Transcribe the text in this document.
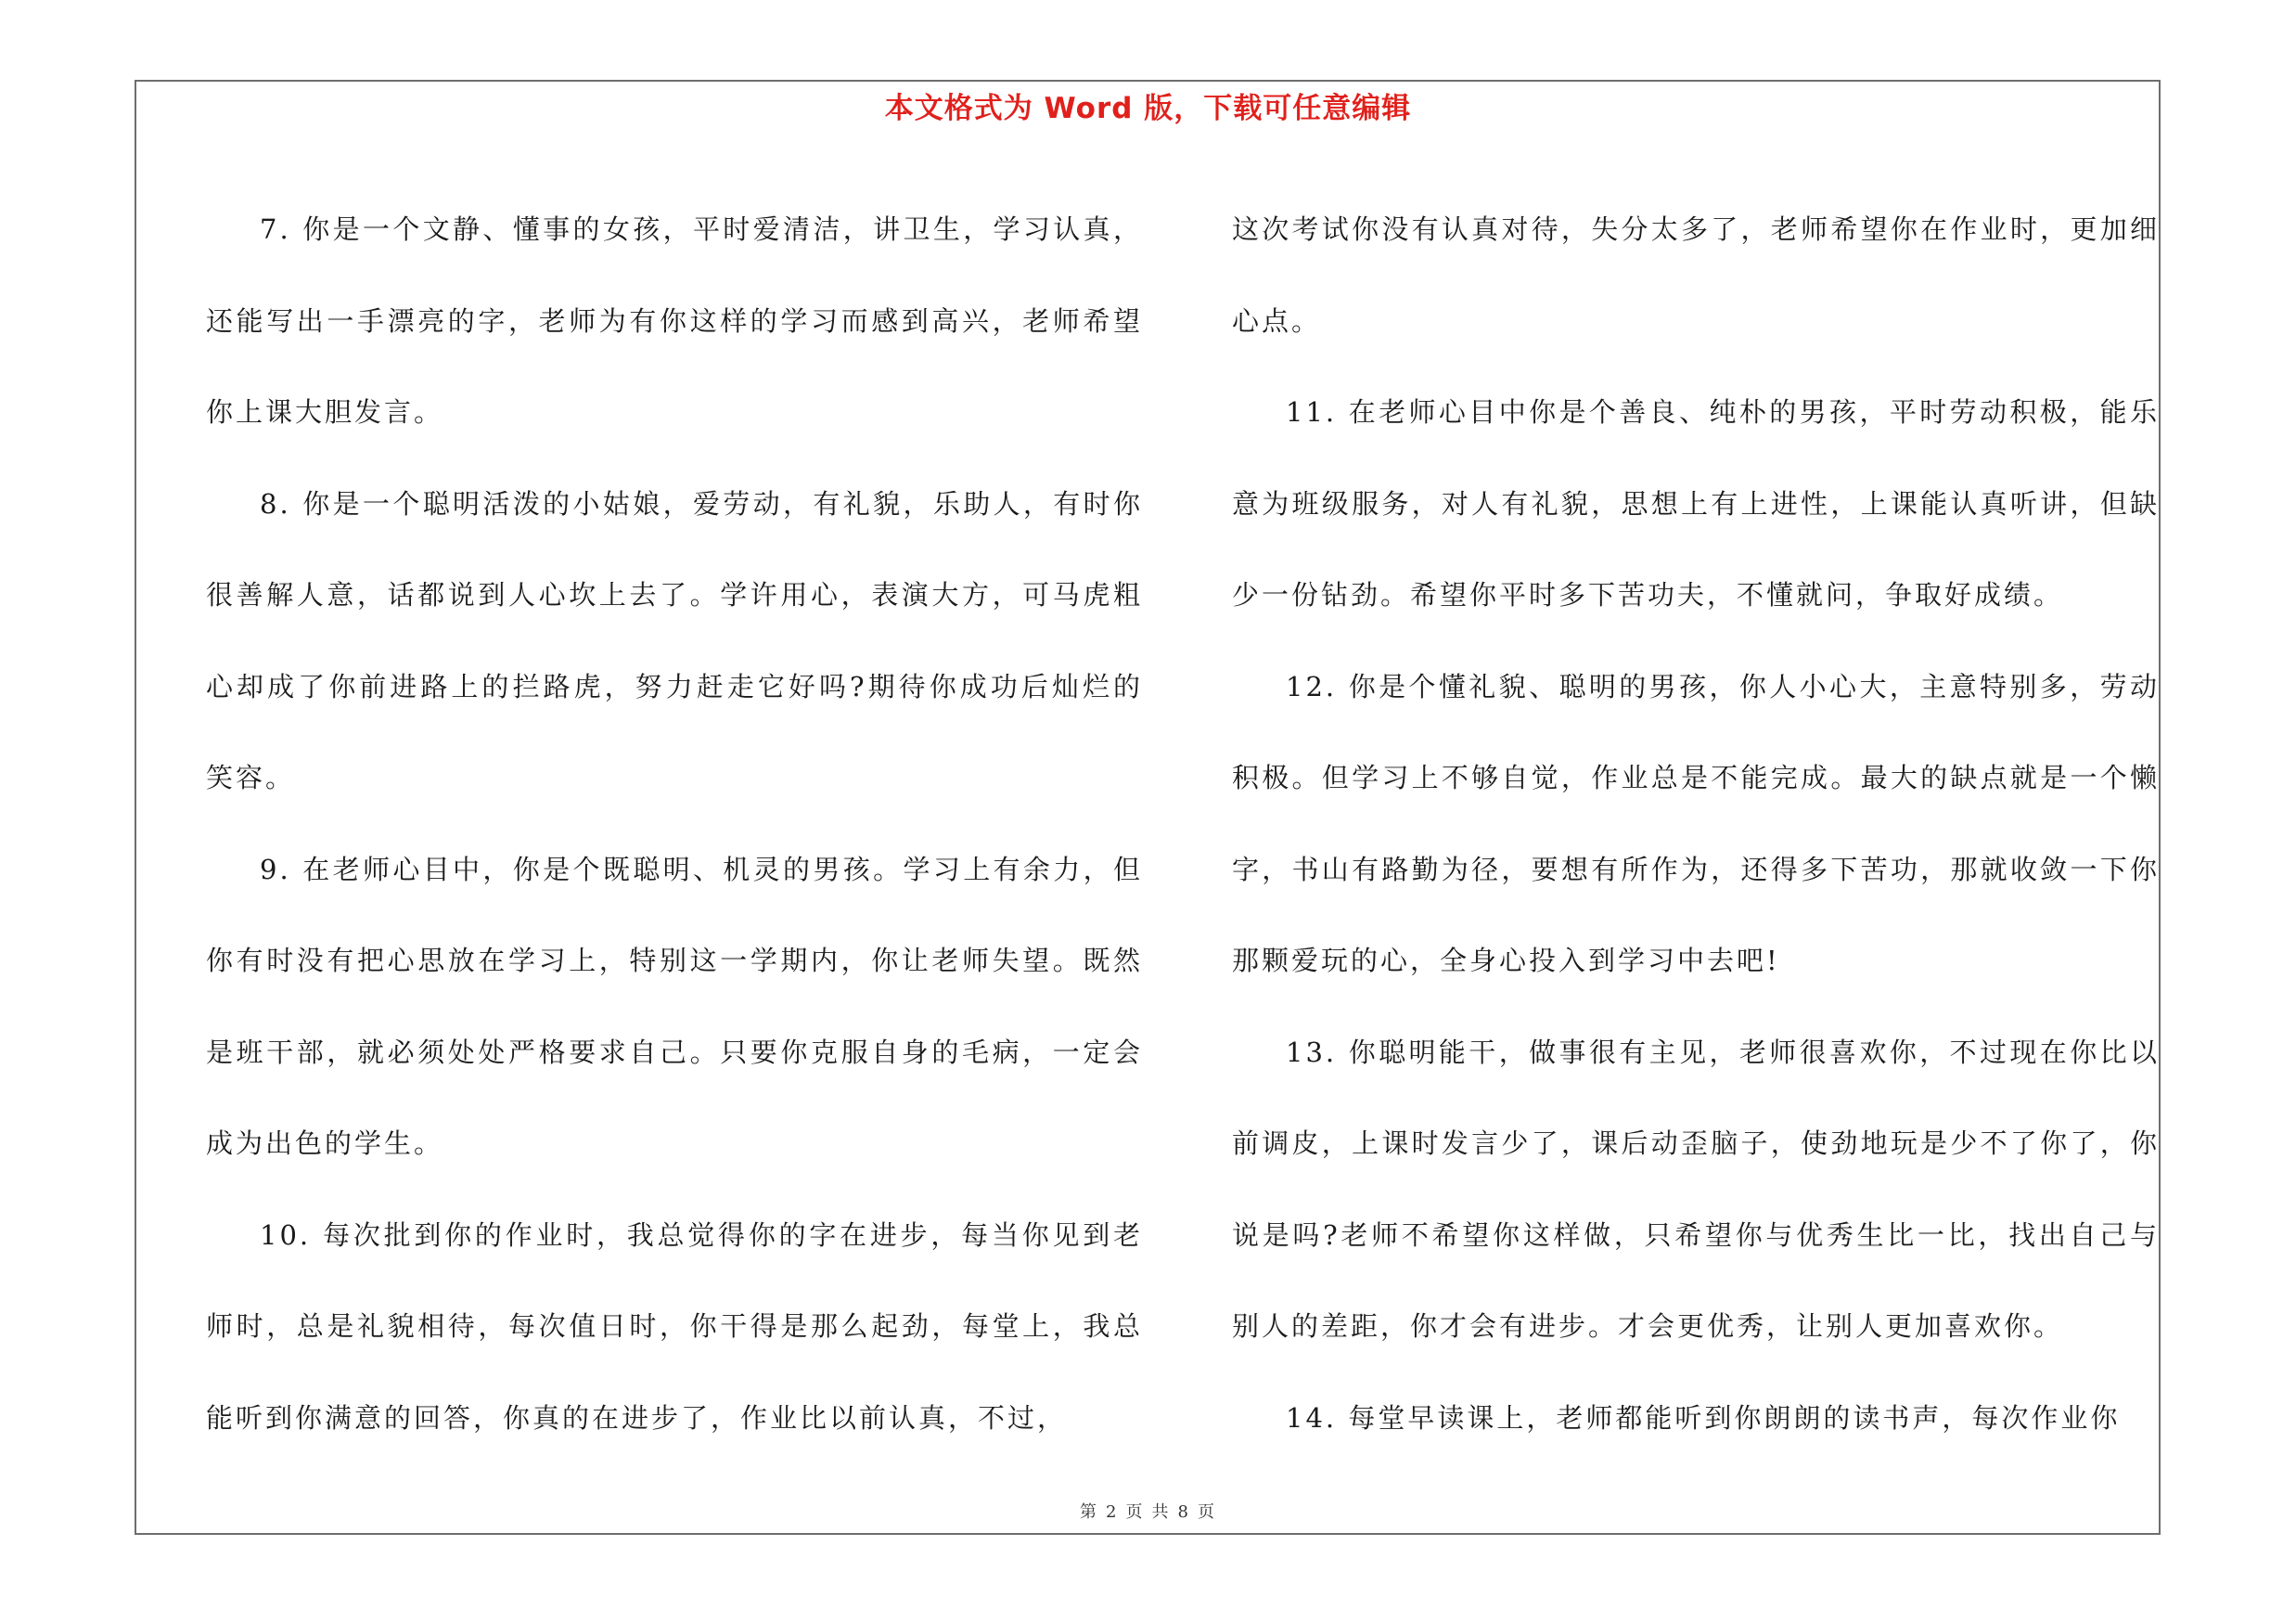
本文格式为 Word 版，下载可任意编辑

7. 你是一个文静、懂事的女孩，平时爱清洁，讲卫生，学习认真，还能写出一手漂亮的字，老师为有你这样的学习而感到高兴，老师希望你上课大胆发言。

8. 你是一个聪明活泼的小姑娘，爱劳动，有礼貌，乐助人，有时你很善解人意，话都说到人心坎上去了。学许用心，表演大方，可马虎粗心却成了你前进路上的拦路虎，努力赶走它好吗?期待你成功后灿烂的笑容。

9. 在老师心目中，你是个既聪明、机灵的男孩。学习上有余力，但你有时没有把心思放在学习上，特别这一学期内，你让老师失望。既然是班干部，就必须处处严格要求自己。只要你克服自身的毛病，一定会成为出色的学生。

10. 每次批到你的作业时，我总觉得你的字在进步，每当你见到老师时，总是礼貌相待，每次值日时，你干得是那么起劲，每堂上，我总能听到你满意的回答，你真的在进步了，作业比以前认真，不过，

这次考试你没有认真对待，失分太多了，老师希望你在作业时，更加细心点。

11. 在老师心目中你是个善良、纯朴的男孩，平时劳动积极，能乐意为班级服务，对人有礼貌，思想上有上进性，上课能认真听讲，但缺少一份钻劲。希望你平时多下苦功夫，不懂就问，争取好成绩。

12. 你是个懂礼貌、聪明的男孩，你人小心大，主意特别多，劳动积极。但学习上不够自觉，作业总是不能完成。最大的缺点就是一个懒字，书山有路勤为径，要想有所作为，还得多下苦功，那就收敛一下你那颗爱玩的心，全身心投入到学习中去吧!

13. 你聪明能干，做事很有主见，老师很喜欢你，不过现在你比以前调皮，上课时发言少了，课后动歪脑子，使劲地玩是少不了你了，你说是吗?老师不希望你这样做，只希望你与优秀生比一比，找出自己与别人的差距，你才会有进步。才会更优秀，让别人更加喜欢你。

14. 每堂早读课上，老师都能听到你朗朗的读书声，每次作业你

第 2 页 共 8 页
